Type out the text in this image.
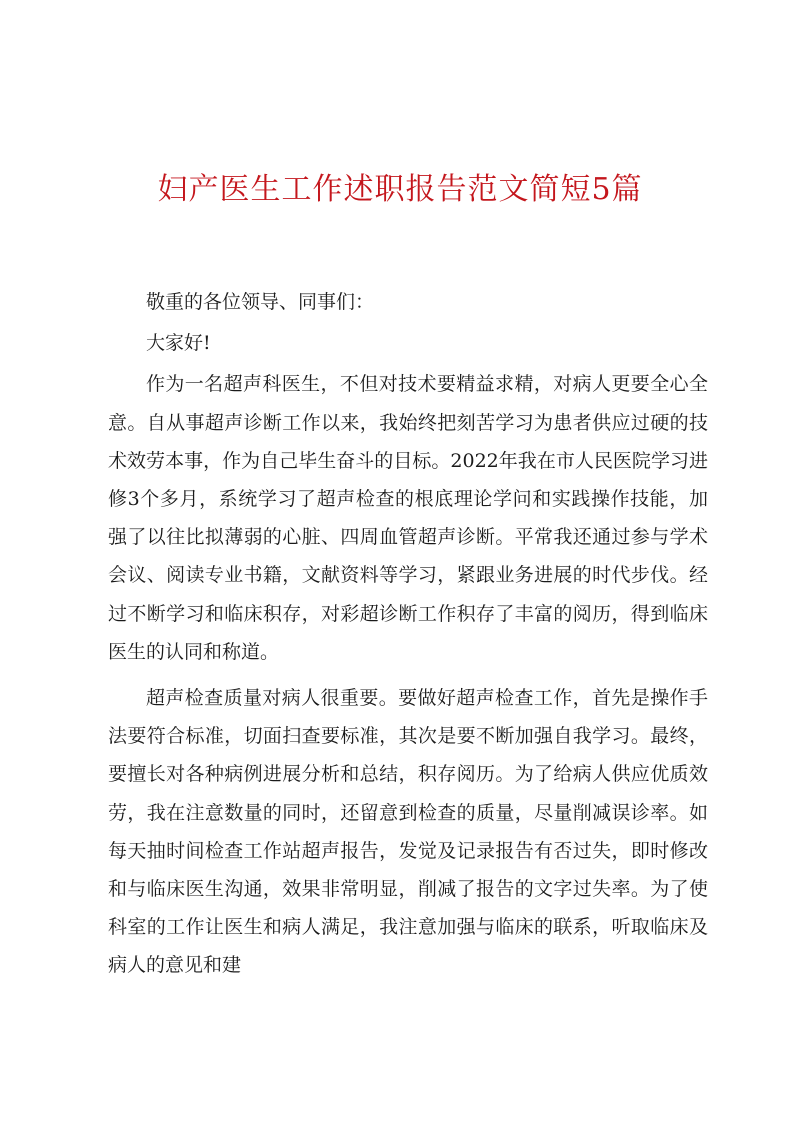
妇产医生工作述职报告范文简短5篇

敬重的各位领导、同事们：

大家好!

作为一名超声科医生，不但对技术要精益求精，对病人更要全心全意。自从事超声诊断工作以来，我始终把刻苦学习为患者供应过硬的技术效劳本事，作为自己毕生奋斗的目标。2022年我在市人民医院学习进修3个多月，系统学习了超声检查的根底理论学问和实践操作技能，加强了以往比拟薄弱的心脏、四周血管超声诊断。平常我还通过参与学术会议、阅读专业书籍，文献资料等学习，紧跟业务进展的时代步伐。经过不断学习和临床积存，对彩超诊断工作积存了丰富的阅历，得到临床医生的认同和称道。

超声检查质量对病人很重要。要做好超声检查工作，首先是操作手法要符合标准，切面扫查要标准，其次是要不断加强自我学习。最终，要擅长对各种病例进展分析和总结，积存阅历。为了给病人供应优质效劳，我在注意数量的同时，还留意到检查的质量，尽量削减误诊率。如每天抽时间检查工作站超声报告，发觉及记录报告有否过失，即时修改和与临床医生沟通，效果非常明显，削减了报告的文字过失率。为了使科室的工作让医生和病人满足，我注意加强与临床的联系，听取临床及病人的意见和建
